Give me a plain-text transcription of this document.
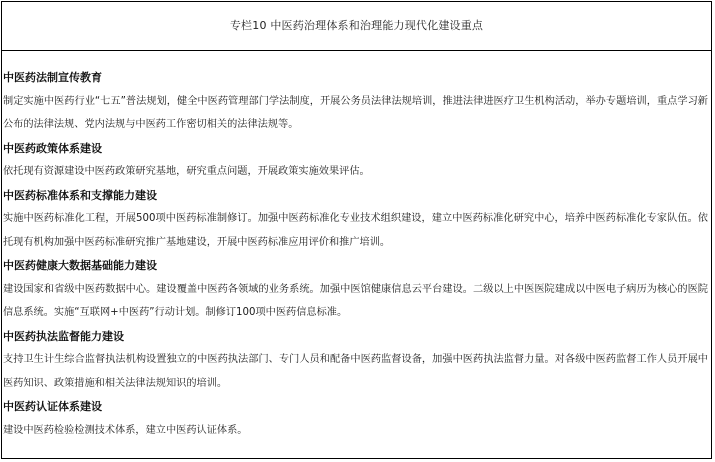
专栏10 中医药治理体系和治理能力现代化建设重点
中医药法制宣传教育
制定实施中医药行业“七五”普法规划，健全中医药管理部门学法制度，开展公务员法律法规培训，推进法律进医疗卫生机构活动，举办专题培训，重点学习新公布的法律法规、党内法规与中医药工作密切相关的法律法规等。
中医药政策体系建设
依托现有资源建设中医药政策研究基地，研究重点问题，开展政策实施效果评估。
中医药标准体系和支撑能力建设
实施中医药标准化工程，开展500项中医药标准制修订。加强中医药标准化专业技术组织建设，建立中医药标准化研究中心，培养中医药标准化专家队伍。依托现有机构加强中医药标准研究推广基地建设，开展中医药标准应用评价和推广培训。
中医药健康大数据基础能力建设
建设国家和省级中医药数据中心。建设覆盖中医药各领域的业务系统。加强中医馆健康信息云平台建设。二级以上中医医院建成以中医电子病历为核心的医院信息系统。实施“互联网+中医药”行动计划。制修订100项中医药信息标准。
中医药执法监督能力建设
支持卫生计生综合监督执法机构设置独立的中医药执法部门、专门人员和配备中医药监督设备，加强中医药执法监督力量。对各级中医药监督工作人员开展中医药知识、政策措施和相关法律法规知识的培训。
中医药认证体系建设
建设中医药检验检测技术体系，建立中医药认证体系。
